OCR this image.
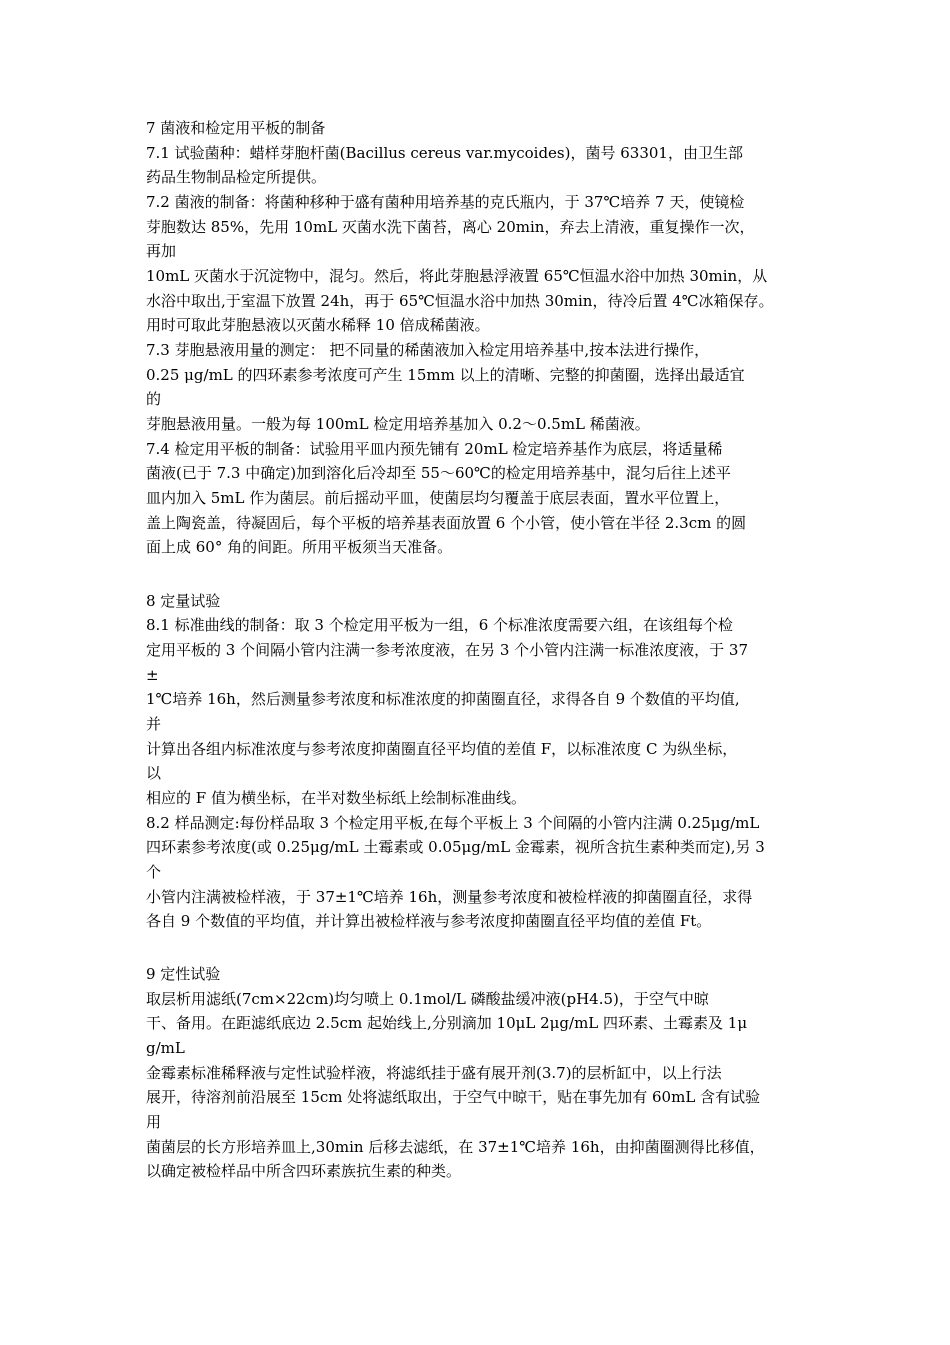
7 菌液和检定用平板的制备
7.1 试验菌种：蜡样芽胞杆菌(Bacillus cereus var.mycoides)，菌号 63301，由卫生部
药品生物制品检定所提供。
7.2 菌液的制备：将菌种移种于盛有菌种用培养基的克氏瓶内，于 37℃培养 7 天，使镜检
芽胞数达 85%，先用 10mL 灭菌水洗下菌苔，离心 20min，弃去上清液，重复操作一次，
再加
10mL 灭菌水于沉淀物中，混匀。然后，将此芽胞悬浮液置 65℃恒温水浴中加热 30min，从
水浴中取出,于室温下放置 24h，再于 65℃恒温水浴中加热 30min，待冷后置 4℃冰箱保存。
用时可取此芽胞悬液以灭菌水稀释 10 倍成稀菌液。
7.3 芽胞悬液用量的测定： 把不同量的稀菌液加入检定用培养基中,按本法进行操作，
0.25 μg/mL 的四环素参考浓度可产生 15mm 以上的清晰、完整的抑菌圈，选择出最适宜
的
芽胞悬液用量。一般为每 100mL 检定用培养基加入 0.2～0.5mL 稀菌液。
7.4 检定用平板的制备：试验用平皿内预先铺有 20mL 检定培养基作为底层，将适量稀
菌液(已于 7.3 中确定)加到溶化后冷却至 55～60℃的检定用培养基中，混匀后往上述平
皿内加入 5mL 作为菌层。前后摇动平皿，使菌层均匀覆盖于底层表面，置水平位置上，
盖上陶瓷盖，待凝固后，每个平板的培养基表面放置 6 个小管，使小管在半径 2.3cm 的圆
面上成 60° 角的间距。所用平板须当天准备。
8 定量试验
8.1 标准曲线的制备：取 3 个检定用平板为一组，6 个标准浓度需要六组，在该组每个检
定用平板的 3 个间隔小管内注满一参考浓度液，在另 3 个小管内注满一标准浓度液，于 37
±
1℃培养 16h，然后测量参考浓度和标准浓度的抑菌圈直径，求得各自 9 个数值的平均值,
并
计算出各组内标准浓度与参考浓度抑菌圈直径平均值的差值 F，以标准浓度 C 为纵坐标，
以
相应的 F 值为横坐标，在半对数坐标纸上绘制标准曲线。
8.2 样品测定:每份样品取 3 个检定用平板,在每个平板上 3 个间隔的小管内注满 0.25μg/mL
四环素参考浓度(或 0.25μg/mL 土霉素或 0.05μg/mL 金霉素，视所含抗生素种类而定),另 3
个
小管内注满被检样液，于 37±1℃培养 16h，测量参考浓度和被检样液的抑菌圈直径，求得
各自 9 个数值的平均值，并计算出被检样液与参考浓度抑菌圈直径平均值的差值 Ft。
9 定性试验
取层析用滤纸(7cm×22cm)均匀喷上 0.1mol/L 磷酸盐缓冲液(pH4.5)，于空气中晾
干、备用。在距滤纸底边 2.5cm 起始线上,分别滴加 10μL 2μg/mL 四环素、土霉素及 1μ
g/mL
金霉素标准稀释液与定性试验样液，将滤纸挂于盛有展开剂(3.7)的层析缸中，以上行法
展开，待溶剂前沿展至 15cm 处将滤纸取出，于空气中晾干，贴在事先加有 60mL 含有试验
用
菌菌层的长方形培养皿上,30min 后移去滤纸，在 37±1℃培养 16h，由抑菌圈测得比移值，
以确定被检样品中所含四环素族抗生素的种类。
